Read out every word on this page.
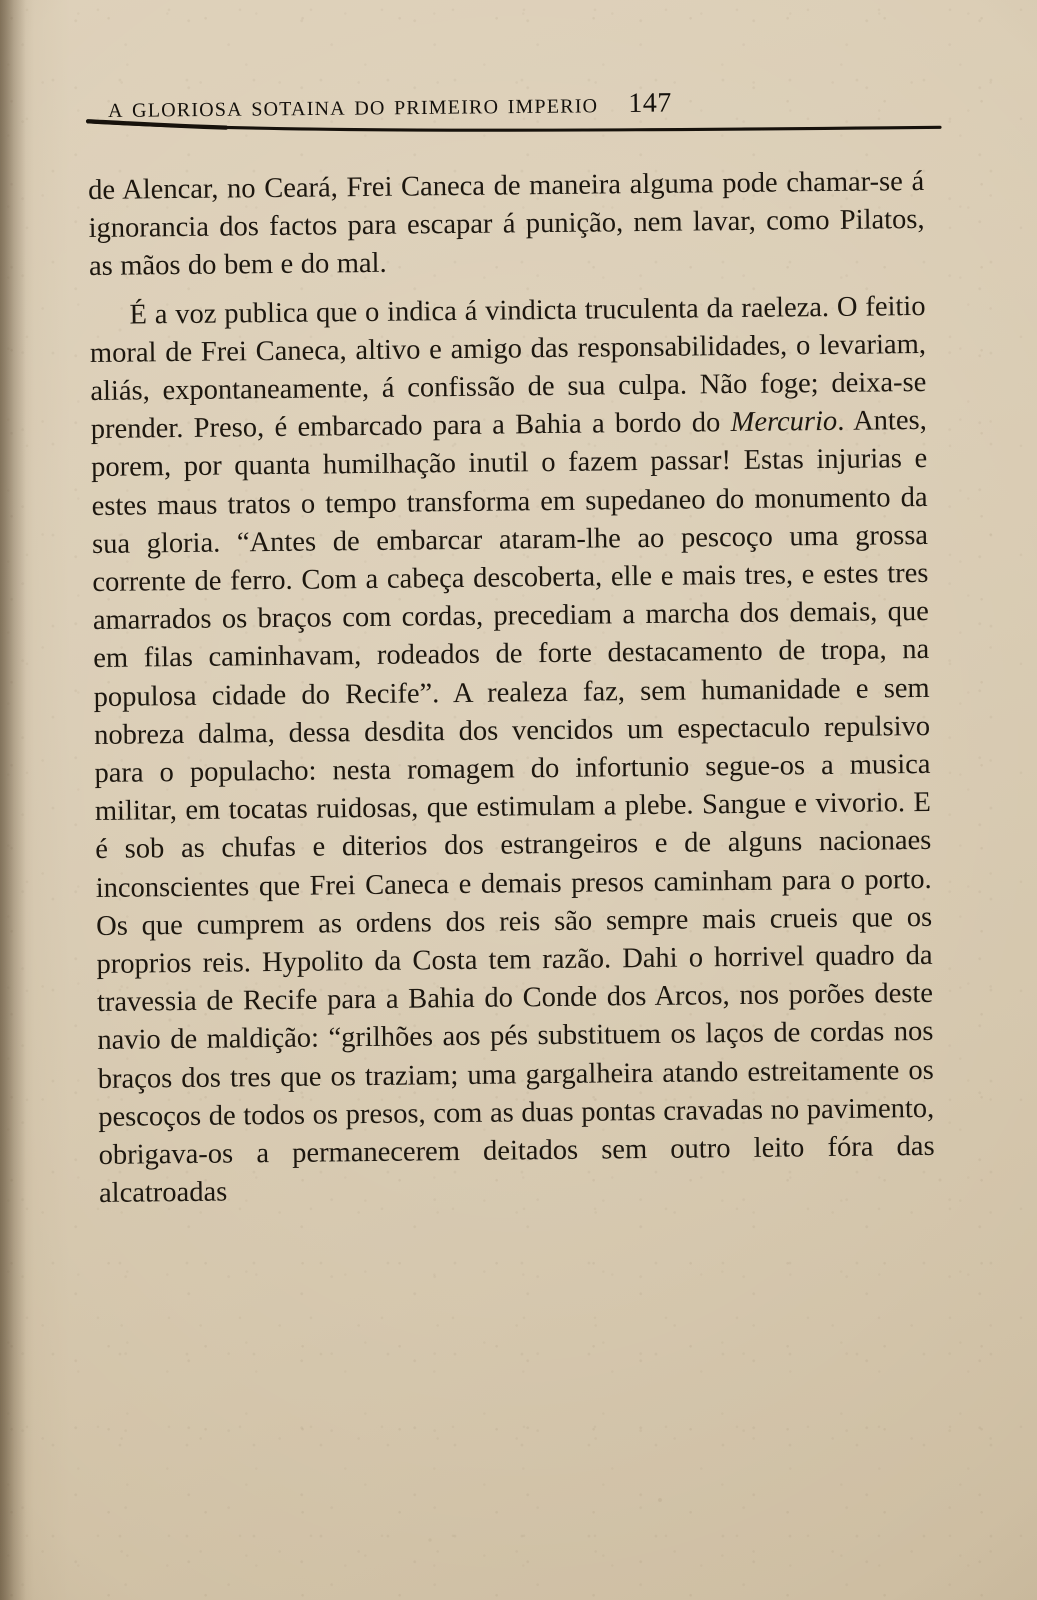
a gloriosa sotaina do primeiro imperio 147

de Alencar, no Ceará, Frei Caneca de maneira alguma pode chamar-se á ignorancia dos factos para escapar á punição, nem lavar, como Pilatos, as mãos do bem e do mal.

É a voz publica que o indica á vindicta truculenta da raeleza. O feitio moral de Frei Caneca, altivo e amigo das responsabilidades, o levariam, aliás, expontaneamente, á confissão de sua culpa. Não foge; deixa-se prender. Preso, é embarcado para a Bahia a bordo do Mercurio. Antes, porem, por quanta humilhação inutil o fazem passar! Estas injurias e estes maus tratos o tempo transforma em supedaneo do monumento da sua gloria. “Antes de embarcar ataram-lhe ao pescoço uma grossa corrente de ferro. Com a cabeça descoberta, elle e mais tres, e estes tres amarrados os braços com cordas, precediam a marcha dos demais, que em filas caminhavam, rodeados de forte destacamento de tropa, na populosa cidade do Recife”. A realeza faz, sem humanidade e sem nobreza dalma, dessa desdita dos vencidos um espectaculo repulsivo para o populacho: nesta romagem do infortunio segue-os a musica militar, em tocatas ruidosas, que estimulam a plebe. Sangue e vivorio. E é sob as chufas e diterios dos estrangeiros e de alguns nacionaes inconscientes que Frei Caneca e demais presos caminham para o porto. Os que cumprem as ordens dos reis são sempre mais crueis que os proprios reis. Hypolito da Costa tem razão. Dahi o horrivel quadro da travessia de Recife para a Bahia do Conde dos Arcos, nos porões deste navio de maldição: “grilhões aos pés substituem os laços de cordas nos braços dos tres que os traziam; uma gargalheira atando estreitamente os pescoços de todos os presos, com as duas pontas cravadas no pavimento, obrigava-os a permanecerem deitados sem outro leito fóra das alcatroadas
